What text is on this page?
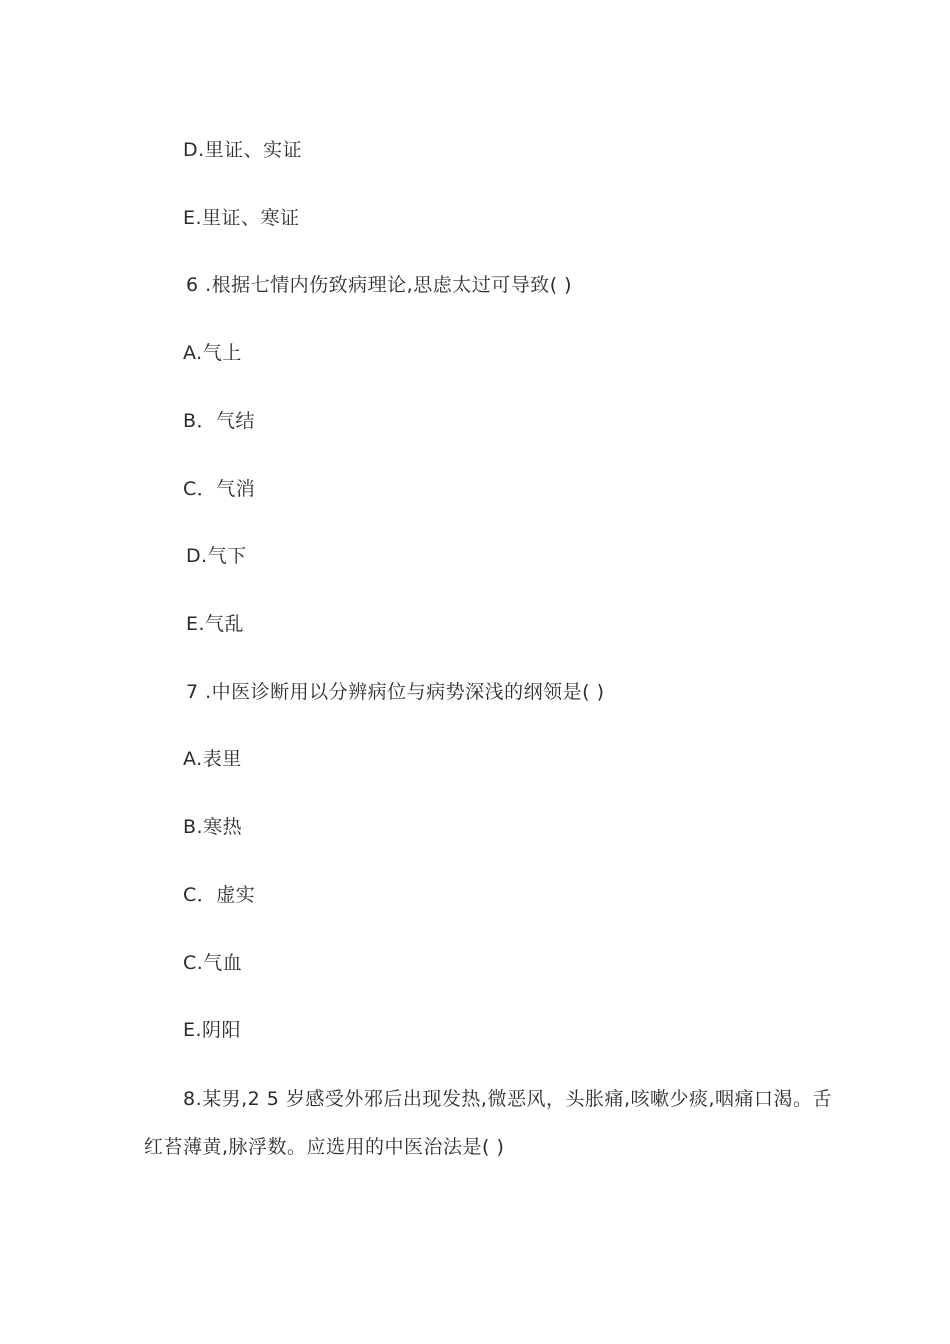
D.里证、实证
E.里证、寒证
6 .根据七情内伤致病理论,思虑太过可导致( )
A.气上
B．气结
C．气消
D.气下
E.气乱
7 .中医诊断用以分辨病位与病势深浅的纲领是( )
A.表里
B.寒热
C．虚实
C.气血
E.阴阳
8.某男,2 5 岁感受外邪后出现发热,微恶风，头胀痛,咳嗽少痰,咽痛口渴。舌
红苔薄黄,脉浮数。应选用的中医治法是( )
